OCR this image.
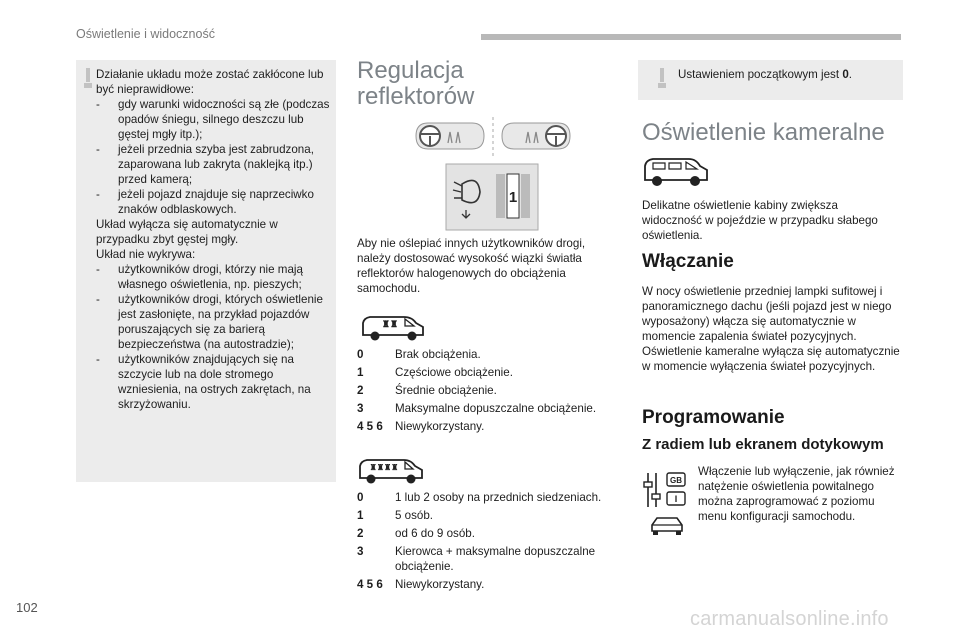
Oświetlenie i widoczność
102
carmanualsonline.info

Działanie układu może zostać zakłócone lub być nieprawidłowe:

-	gdy warunki widoczności są złe (podczas opadów śniegu, silnego deszczu lub gęstej mgły itp.);
-	jeżeli przednia szyba jest zabrudzona, zaparowana lub zakryta (naklejką itp.) przed kamerą;
-	jeżeli pojazd znajduje się naprzeciwko znaków odblaskowych.

Układ wyłącza się automatycznie w przypadku zbyt gęstej mgły.

Układ nie wykrywa:

-	użytkowników drogi, którzy nie mają własnego oświetlenia, np. pieszych;
-	użytkowników drogi, których oświetlenie jest zasłonięte, na przykład pojazdów poruszających się za barierą bezpieczeństwa (na autostradzie);
-	użytkowników znajdujących się na szczycie lub na dole stromego wzniesienia, na ostrych zakrętach, na skrzyżowaniu.
Regulacja
reflektorów
1
Aby nie oślepiać innych użytkowników drogi, należy dostosować wysokość wiązki światła reflektorów halogenowych do obciążenia samochodu.
♜♜
0	Brak obciążenia.
1	Częściowe obciążenie.
2	Średnie obciążenie.
3	Maksymalne dopuszczalne obciążenie.
4 5 6	Niewykorzystany.
♜♜♜♜
0	1 lub 2 osoby na przednich siedzeniach.
1	5 osób.
2	od 6 do 9 osób.
3	Kierowca + maksymalne dopuszczalne obciążenie.
4 5 6	Niewykorzystany.
Ustawieniem początkowym jest 0.
Oświetlenie kameralne
Delikatne oświetlenie kabiny zwiększa widoczność w pojeździe w przypadku słabego oświetlenia.
Włączanie
W nocy oświetlenie przedniej lampki sufitowej i panoramicznego dachu (jeśli pojazd jest w niego wyposażony) włącza się automatycznie w momencie zapalenia świateł pozycyjnych. Oświetlenie kameralne wyłącza się automatycznie w momencie wyłączenia świateł pozycyjnych.
Programowanie
Z radiem lub ekranem dotykowym
GB
I
Włączenie lub wyłączenie, jak również natężenie oświetlenia powitalnego można zaprogramować z poziomu menu konfiguracji samochodu.
